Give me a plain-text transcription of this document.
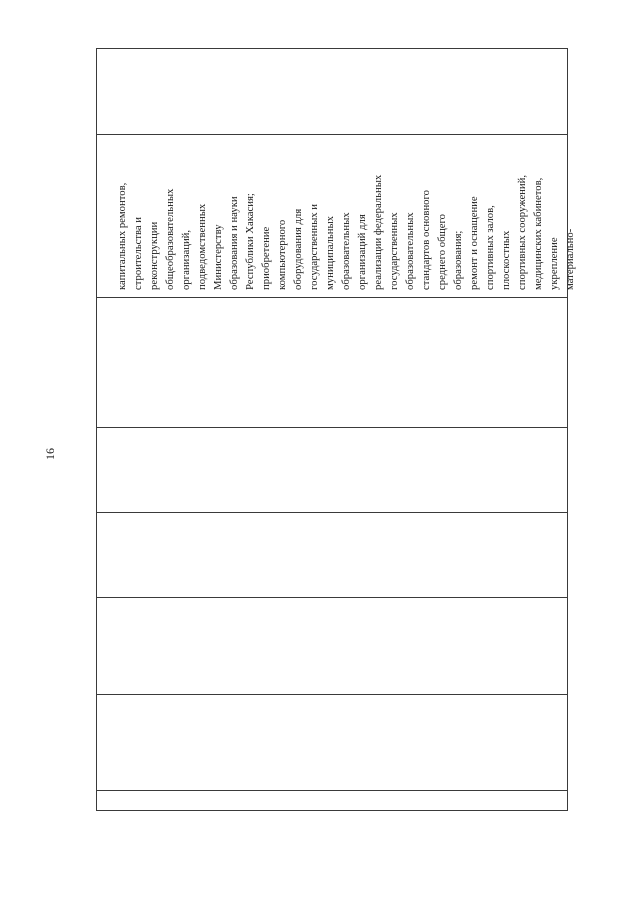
16
капитальных ремонтов, строительства и реконструкции общеобразовательных организаций, подведомственных Министерству образования и науки Республики Хакасия; приобретение компьютерного оборудования для государственных и муниципальных образовательных организаций для реализации федеральных государственных образовательных стандартов основного среднего общего образования; ремонт и оснащение спортивных залов, плоскостных спортивных сооружений, медицинских кабинетов, укрепление материально-
